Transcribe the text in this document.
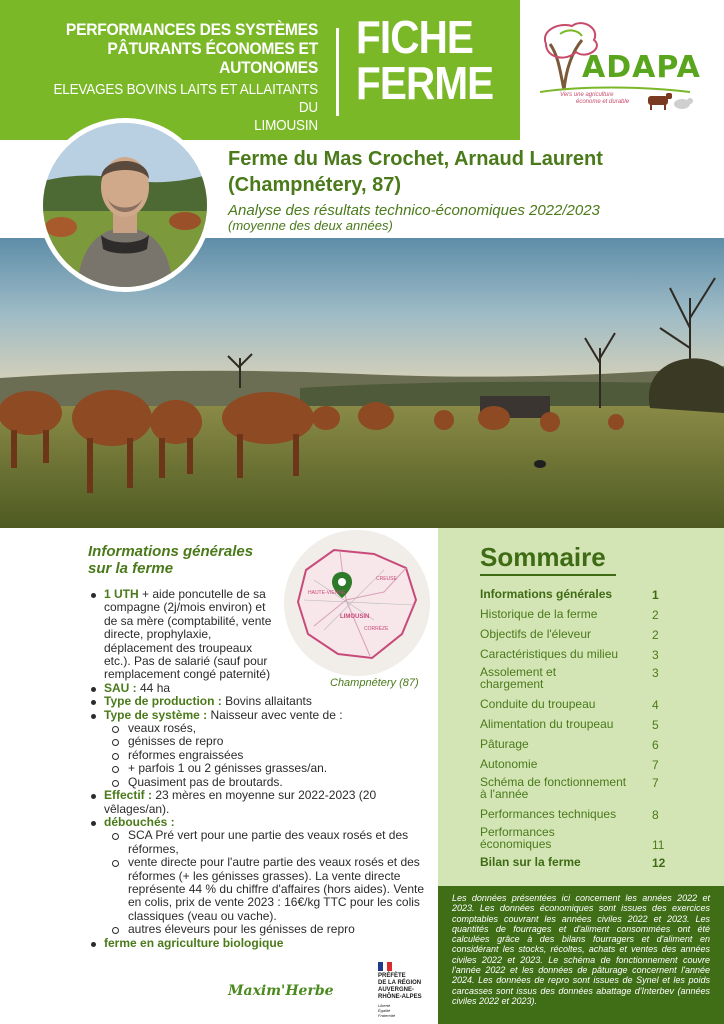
PERFORMANCES DES SYSTÈMES
PÂTURANTS ÉCONOMES ET AUTONOMES
ELEVAGES BOVINS LAITS ET ALLAITANTS DU
LIMOUSIN
FICHE
FERME	ADAPA
Vers une agriculture
économe et durable
Ferme du Mas Crochet, Arnaud Laurent
(Champnétery, 87)
Analyse des résultats technico-économiques 2022/2023
(moyenne des deux années)
Informations générales
sur la ferme
1 UTH + aide poncutelle de sa compagne (2j/mois environ) et de sa mère (comptabilité, vente directe, prophylaxie, déplacement des troupeaux etc.). Pas de salarié (sauf pour remplacement congé paternité)
SAU : 44 ha
Type de production : Bovins allaitants
Type de système : Naisseur avec vente de :
veaux rosés,
génisses de repro
réformes engraissées
+ parfois 1 ou 2 génisses grasses/an.
Quasiment pas de broutards.
Effectif : 23 mères en moyenne sur 2022-2023 (20 vêlages/an).
débouchés :
SCA Pré vert pour une partie des veaux rosés et des réformes,
vente directe pour l'autre partie des veaux rosés et des réformes (+ les génisses grasses). La vente directe représente 44 % du chiffre d'affaires (hors aides). Vente en colis, prix de vente 2023 : 16€/kg TTC pour les colis classiques (veau ou vache).
autres éleveurs pour les génisses de repro
ferme en agriculture biologique
LIMOUSIN
HAUTE-VIENNE
CREUSE
CORRÈZE
Champnétery (87)
Maxim'Herbe
PRÉFÈTE
DE LA RÉGION
AUVERGNE-
RHÔNE-ALPES
Liberté
Égalité
Fraternité
Sommaire
Informations générales	1
Historique de la ferme	2
Objectifs de l'éleveur	2
Caractéristiques du milieu	3
Assolement et chargement
3
Conduite du troupeau	4
Alimentation du troupeau	5
Pâturage	6
Autonomie	7
Schéma de fonctionnement à l'année
7
Performances techniques	8
Performances économiques	11
Bilan sur la ferme	12
Les données présentées ici concernent les années 2022 et 2023. Les données économiques sont issues des exercices comptables couvrant les années civiles 2022 et 2023. Les quantités de fourrages et d'aliment consommées ont été calculées grâce à des bilans fourragers et d'aliment en considérant les stocks, récoltes, achats et ventes des années civiles 2022 et 2023. Le schéma de fonctionnement couvre l'année 2022 et les données de pâturage concernent l'année 2024. Les données de repro sont issues de Synel et les poids carcasses sont issus des données abattage d'Interbev (années civiles 2022 et 2023).
